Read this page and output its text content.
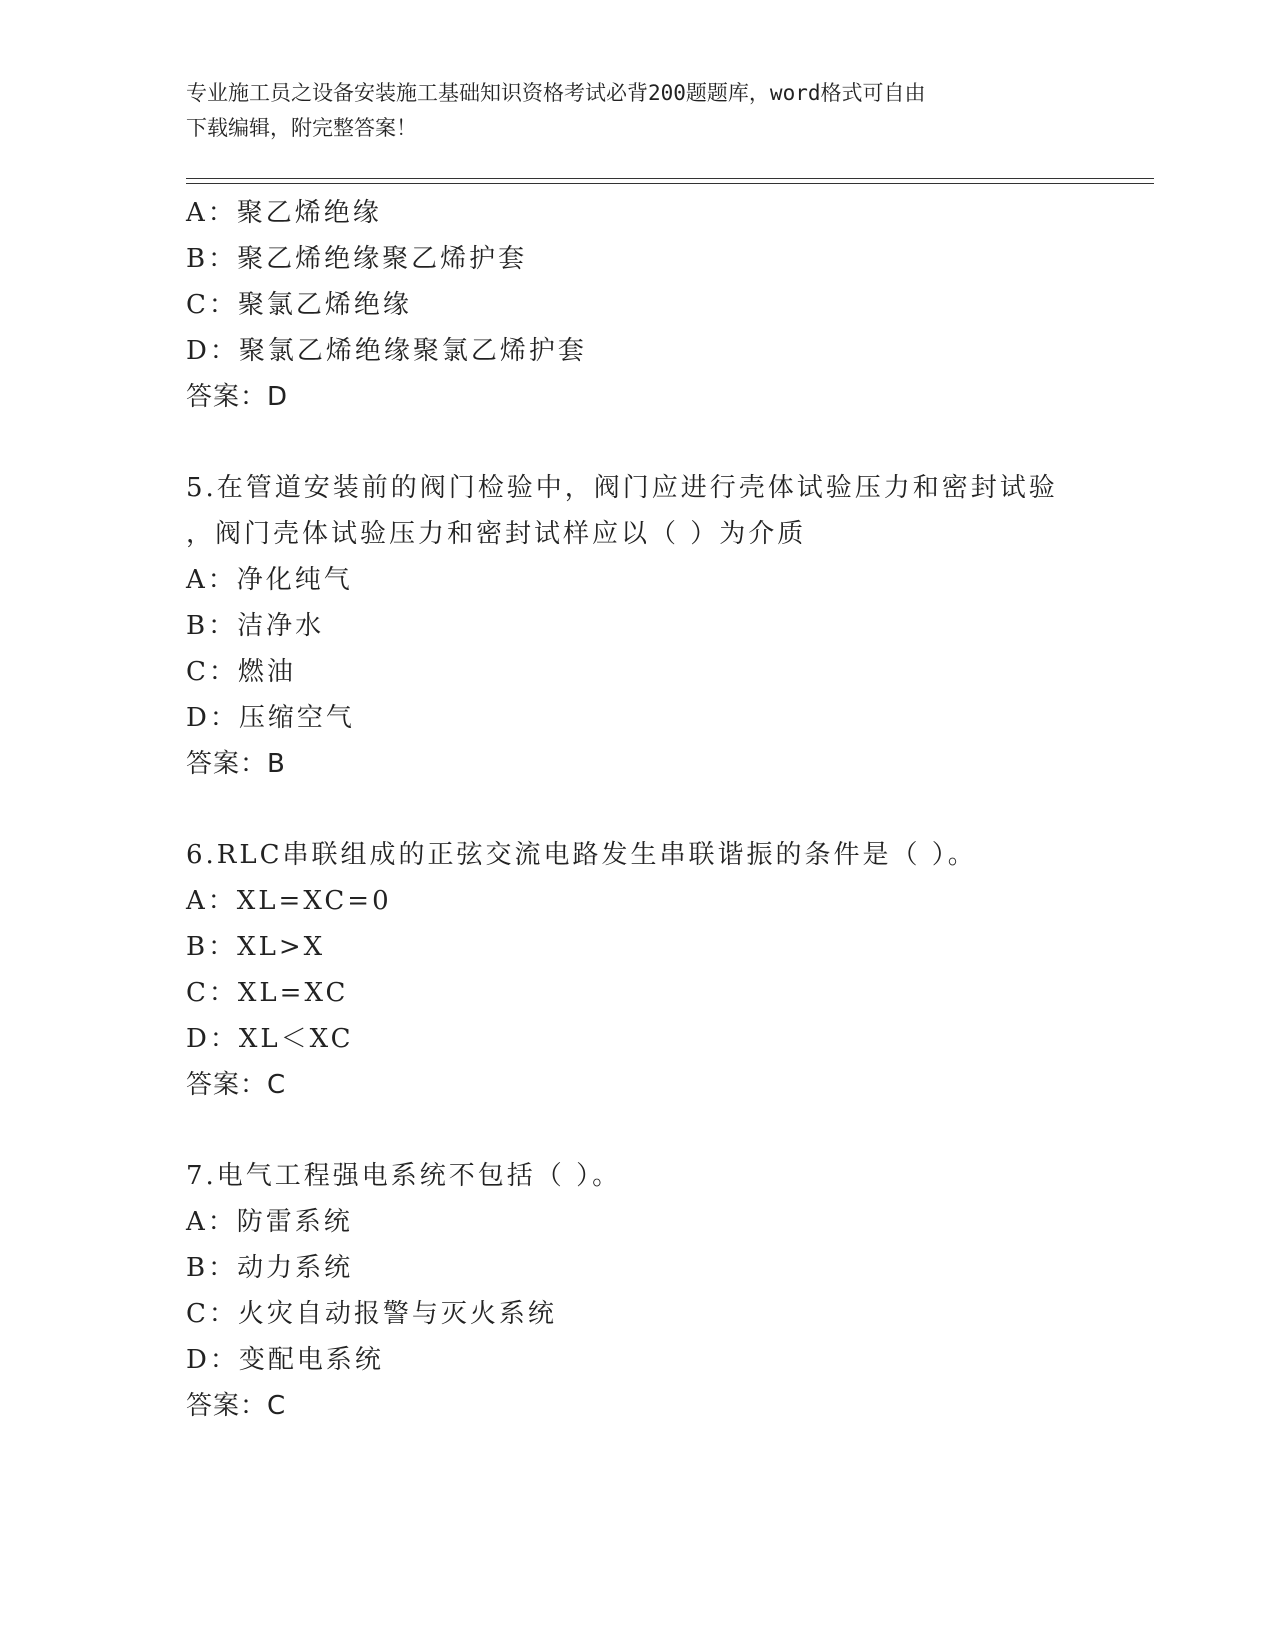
专业施工员之设备安装施工基础知识资格考试必背200题题库，word格式可自由
下载编辑，附完整答案！
A：聚乙烯绝缘
B：聚乙烯绝缘聚乙烯护套
C：聚氯乙烯绝缘
D：聚氯乙烯绝缘聚氯乙烯护套
答案：D
5.在管道安装前的阀门检验中，阀门应进行壳体试验压力和密封试验
，阀门壳体试验压力和密封试样应以（ ）为介质
A：净化纯气
B：洁净水
C：燃油
D：压缩空气
答案：B
6.RLC串联组成的正弦交流电路发生串联谐振的条件是（ ）。
A：XL=XC=0
B：XL>X
C：XL=XC
D：XL＜XC
答案：C
7.电气工程强电系统不包括（ ）。
A：防雷系统
B：动力系统
C：火灾自动报警与灭火系统
D：变配电系统
答案：C
